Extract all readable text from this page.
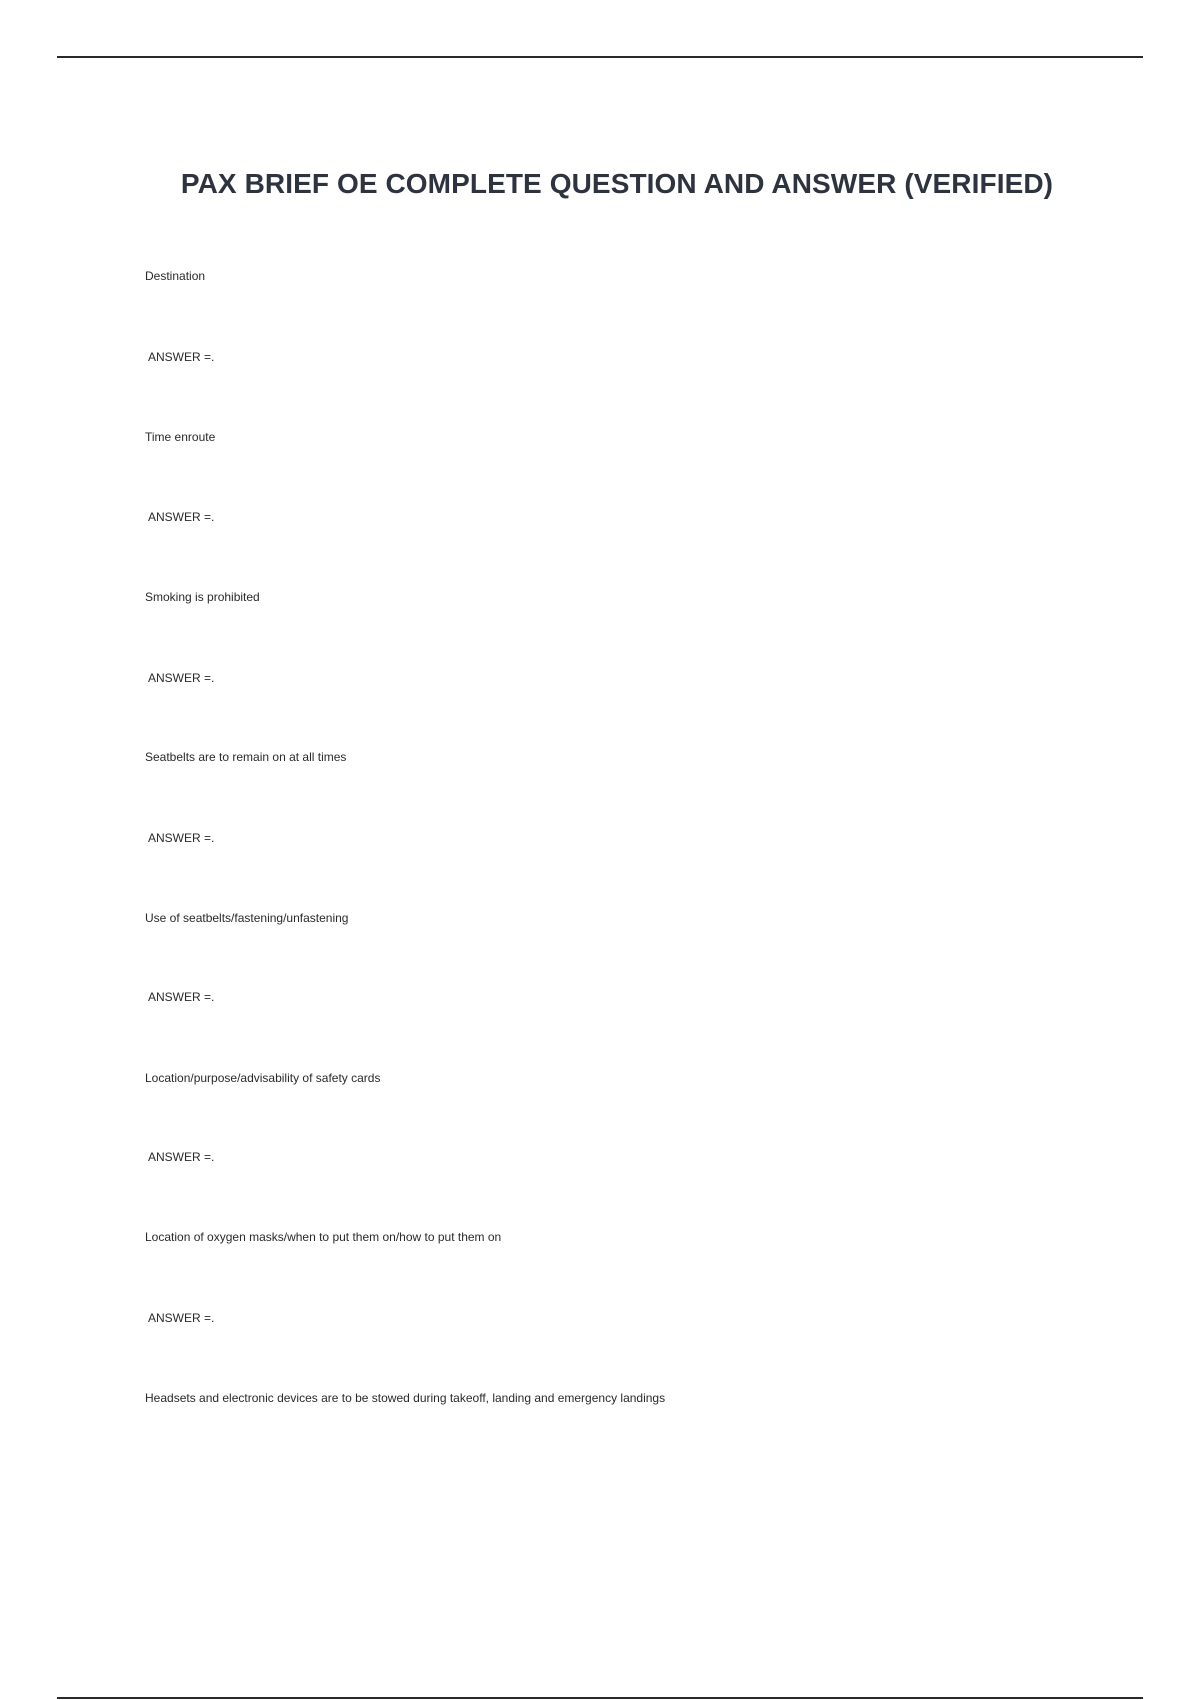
PAX BRIEF OE COMPLETE QUESTION AND ANSWER (VERIFIED)
Destination
ANSWER =.
Time enroute
ANSWER =.
Smoking is prohibited
ANSWER =.
Seatbelts are to remain on at all times
ANSWER =.
Use of seatbelts/fastening/unfastening
ANSWER =.
Location/purpose/advisability of safety cards
ANSWER =.
Location of oxygen masks/when to put them on/how to put them on
ANSWER =.
Headsets and electronic devices are to be stowed during takeoff, landing and emergency landings
